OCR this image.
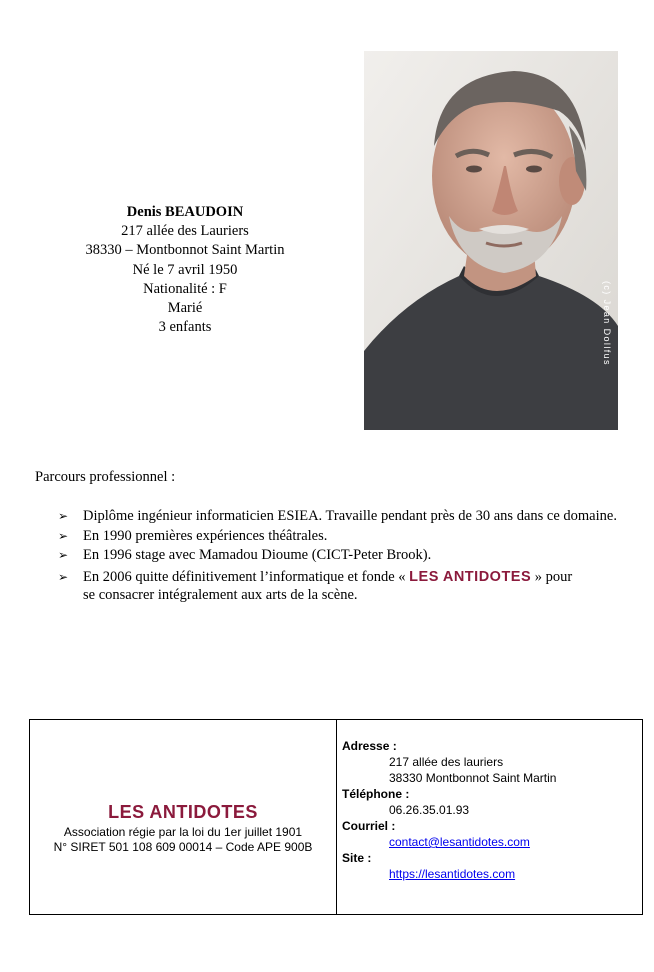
Denis BEAUDOIN
217 allée des Lauriers
38330 – Montbonnot Saint Martin
Né le 7 avril 1950
Nationalité : F
Marié
3 enfants	(c) Jean Dollfus
Parcours professionnel :
➢ Diplôme ingénieur informaticien ESIEA. Travaille pendant près de 30 ans dans ce domaine.
➢ En 1990 premières expériences théâtrales.
➢ En 1996 stage avec Mamadou Dioume (CICT-Peter Brook).
➢ En 2006 quitte définitivement l’informatique et fonde « LES ANTIDOTES » pour
se consacrer intégralement aux arts de la scène.
LES ANTIDOTES
Association régie par la loi du 1er juillet 1901
N° SIRET 501 108 609 00014 – Code APE 900B
Adresse :
217 allée des lauriers
38330 Montbonnot Saint Martin
Téléphone :
06.26.35.01.93
Courriel :
contact@lesantidotes.com
Site :
https://lesantidotes.com
